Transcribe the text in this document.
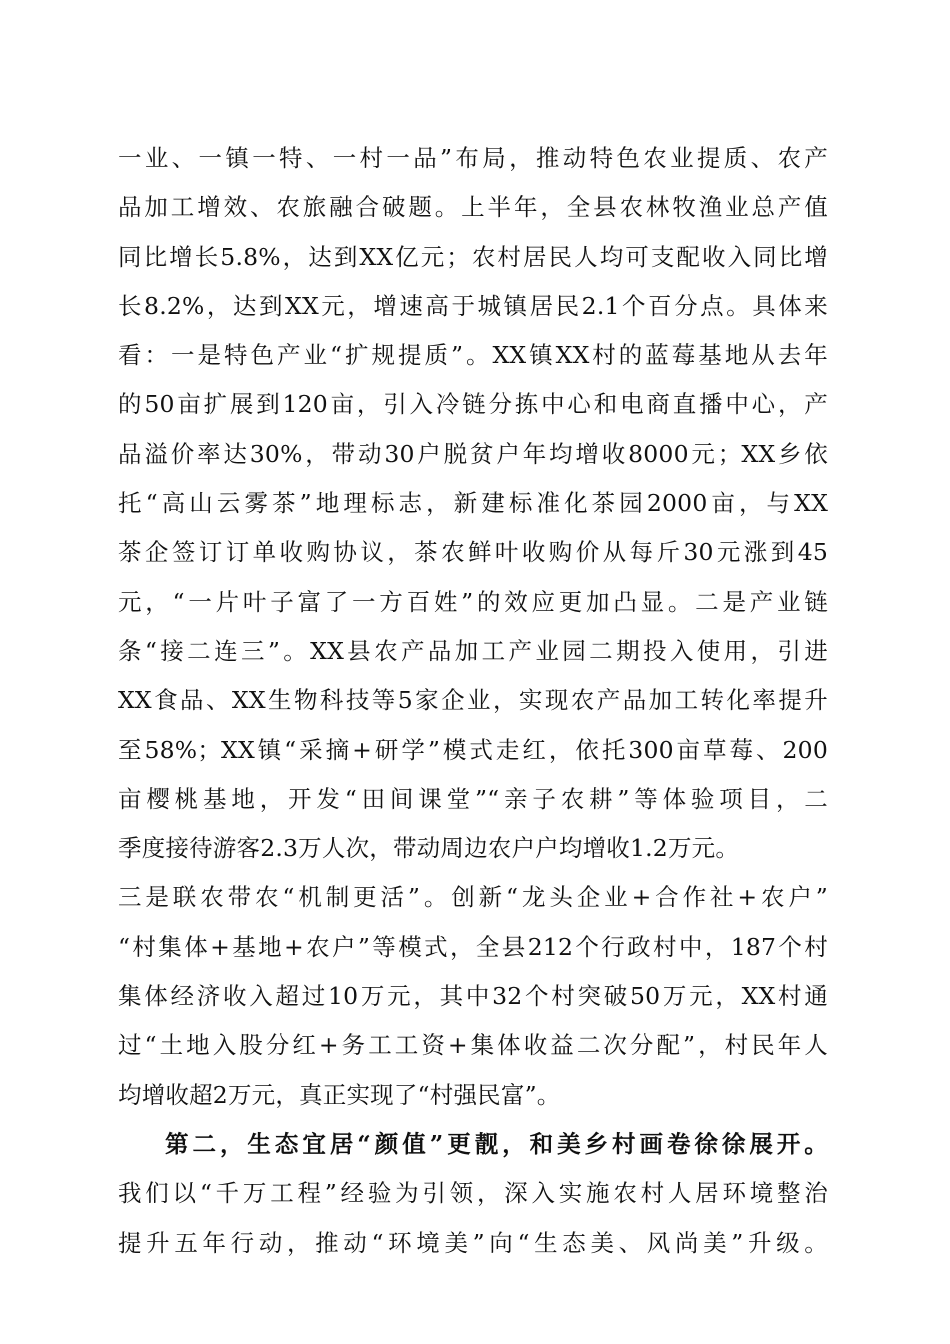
一业、一镇一特、一村一品”布局，推动特色农业提质、农产
品加工增效、农旅融合破题。上半年，全县农林牧渔业总产值
同比增长5.8%，达到XX亿元；农村居民人均可支配收入同比增
长8.2%，达到XX元，增速高于城镇居民2.1个百分点。具体来
看：一是特色产业“扩规提质”。XX镇XX村的蓝莓基地从去年
的50亩扩展到120亩，引入冷链分拣中心和电商直播中心，产
品溢价率达30%，带动30户脱贫户年均增收8000元；XX乡依
托“高山云雾茶”地理标志，新建标准化茶园2000亩，与XX
茶企签订订单收购协议，茶农鲜叶收购价从每斤30元涨到45
元，“一片叶子富了一方百姓”的效应更加凸显。二是产业链
条“接二连三”。XX县农产品加工产业园二期投入使用，引进
XX食品、XX生物科技等5家企业，实现农产品加工转化率提升
至58%；XX镇“采摘+研学”模式走红，依托300亩草莓、200
亩樱桃基地，开发“田间课堂”“亲子农耕”等体验项目，二
季度接待游客2.3万人次，带动周边农户户均增收1.2万元。
三是联农带农“机制更活”。创新“龙头企业+合作社+农户”
“村集体+基地+农户”等模式，全县212个行政村中，187个村
集体经济收入超过10万元，其中32个村突破50万元，XX村通
过“土地入股分红+务工工资+集体收益二次分配”，村民年人
均增收超2万元，真正实现了“村强民富”。
第二，生态宜居“颜值”更靓，和美乡村画卷徐徐展开。
我们以“千万工程”经验为引领，深入实施农村人居环境整治
提升五年行动，推动“环境美”向“生态美、风尚美”升级。
